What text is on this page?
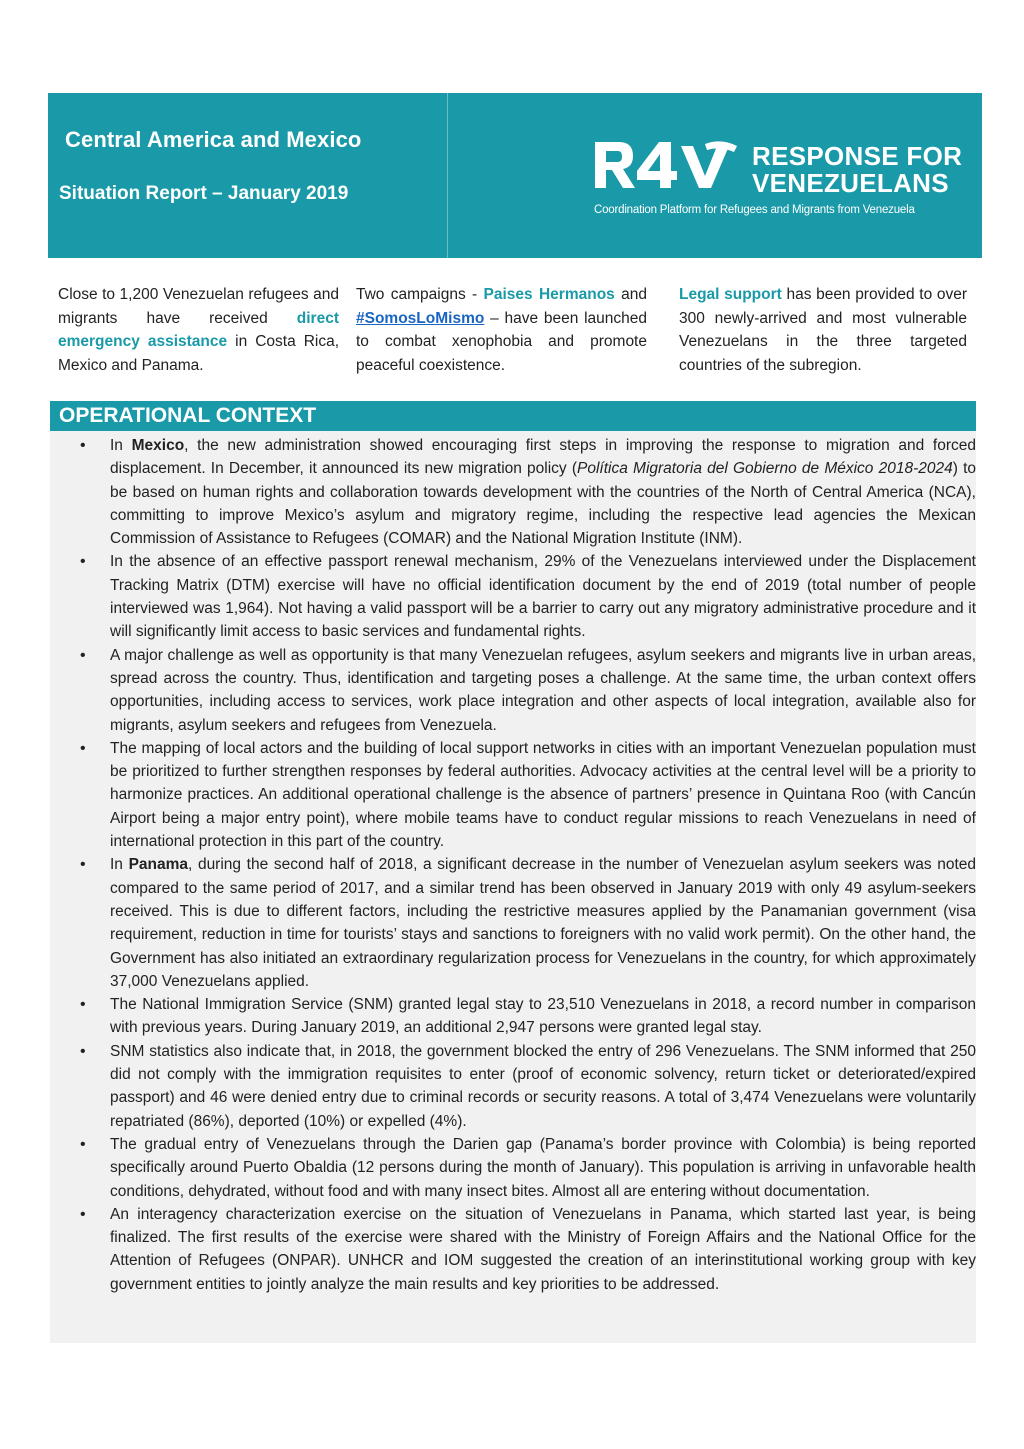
Central America and Mexico
Situation Report – January 2019
RESPONSE FOR
VENEZUELANS
Coordination Platform for Refugees and Migrants from Venezuela

Close to 1,200 Venezuelan refugees and migrants have received direct emergency assistance in Costa Rica, Mexico and Panama.

Two campaigns - Paises Hermanos and #SomosLoMismo – have been launched to combat xenophobia and promote peaceful coexistence.

Legal support has been provided to over 300 newly-arrived and most vulnerable Venezuelans in the three targeted countries of the subregion.

OPERATIONAL CONTEXT
• In Mexico, the new administration showed encouraging first steps in improving the response to migration and forced displacement. In December, it announced its new migration policy (Política Migratoria del Gobierno de México 2018-2024) to be based on human rights and collaboration towards development with the countries of the North of Central America (NCA), committing to improve Mexico’s asylum and migratory regime, including the respective lead agencies the Mexican Commission of Assistance to Refugees (COMAR) and the National Migration Institute (INM).
• In the absence of an effective passport renewal mechanism, 29% of the Venezuelans interviewed under the Displacement Tracking Matrix (DTM) exercise will have no official identification document by the end of 2019 (total number of people interviewed was 1,964). Not having a valid passport will be a barrier to carry out any migratory administrative procedure and it will significantly limit access to basic services and fundamental rights.
• A major challenge as well as opportunity is that many Venezuelan refugees, asylum seekers and migrants live in urban areas, spread across the country. Thus, identification and targeting poses a challenge. At the same time, the urban context offers opportunities, including access to services, work place integration and other aspects of local integration, available also for migrants, asylum seekers and refugees from Venezuela.
• The mapping of local actors and the building of local support networks in cities with an important Venezuelan population must be prioritized to further strengthen responses by federal authorities. Advocacy activities at the central level will be a priority to harmonize practices. An additional operational challenge is the absence of partners’ presence in Quintana Roo (with Cancún Airport being a major entry point), where mobile teams have to conduct regular missions to reach Venezuelans in need of international protection in this part of the country.
• In Panama, during the second half of 2018, a significant decrease in the number of Venezuelan asylum seekers was noted compared to the same period of 2017, and a similar trend has been observed in January 2019 with only 49 asylum-seekers received. This is due to different factors, including the restrictive measures applied by the Panamanian government (visa requirement, reduction in time for tourists’ stays and sanctions to foreigners with no valid work permit). On the other hand, the Government has also initiated an extraordinary regularization process for Venezuelans in the country, for which approximately 37,000 Venezuelans applied.
• The National Immigration Service (SNM) granted legal stay to 23,510 Venezuelans in 2018, a record number in comparison with previous years. During January 2019, an additional 2,947 persons were granted legal stay.
• SNM statistics also indicate that, in 2018, the government blocked the entry of 296 Venezuelans. The SNM informed that 250 did not comply with the immigration requisites to enter (proof of economic solvency, return ticket or deteriorated/expired passport) and 46 were denied entry due to criminal records or security reasons. A total of 3,474 Venezuelans were voluntarily repatriated (86%), deported (10%) or expelled (4%).
• The gradual entry of Venezuelans through the Darien gap (Panama’s border province with Colombia) is being reported specifically around Puerto Obaldia (12 persons during the month of January). This population is arriving in unfavorable health conditions, dehydrated, without food and with many insect bites. Almost all are entering without documentation.
• An interagency characterization exercise on the situation of Venezuelans in Panama, which started last year, is being finalized. The first results of the exercise were shared with the Ministry of Foreign Affairs and the National Office for the Attention of Refugees (ONPAR). UNHCR and IOM suggested the creation of an interinstitutional working group with key government entities to jointly analyze the main results and key priorities to be addressed.
